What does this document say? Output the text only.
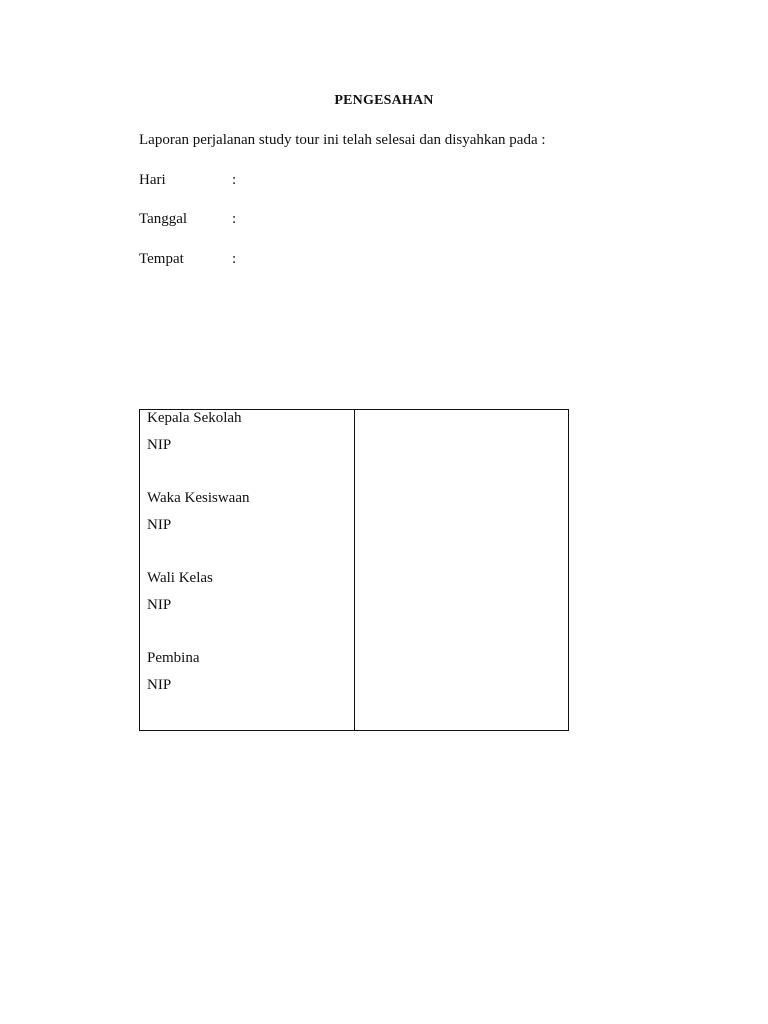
PENGESAHAN
Laporan perjalanan study tour ini telah selesai dan disyahkan pada :
Hari	:
Tanggal	:
Tempat	:
Kepala Sekolah
NIP
Waka Kesiswaan
NIP
Wali Kelas
NIP
Pembina
NIP
